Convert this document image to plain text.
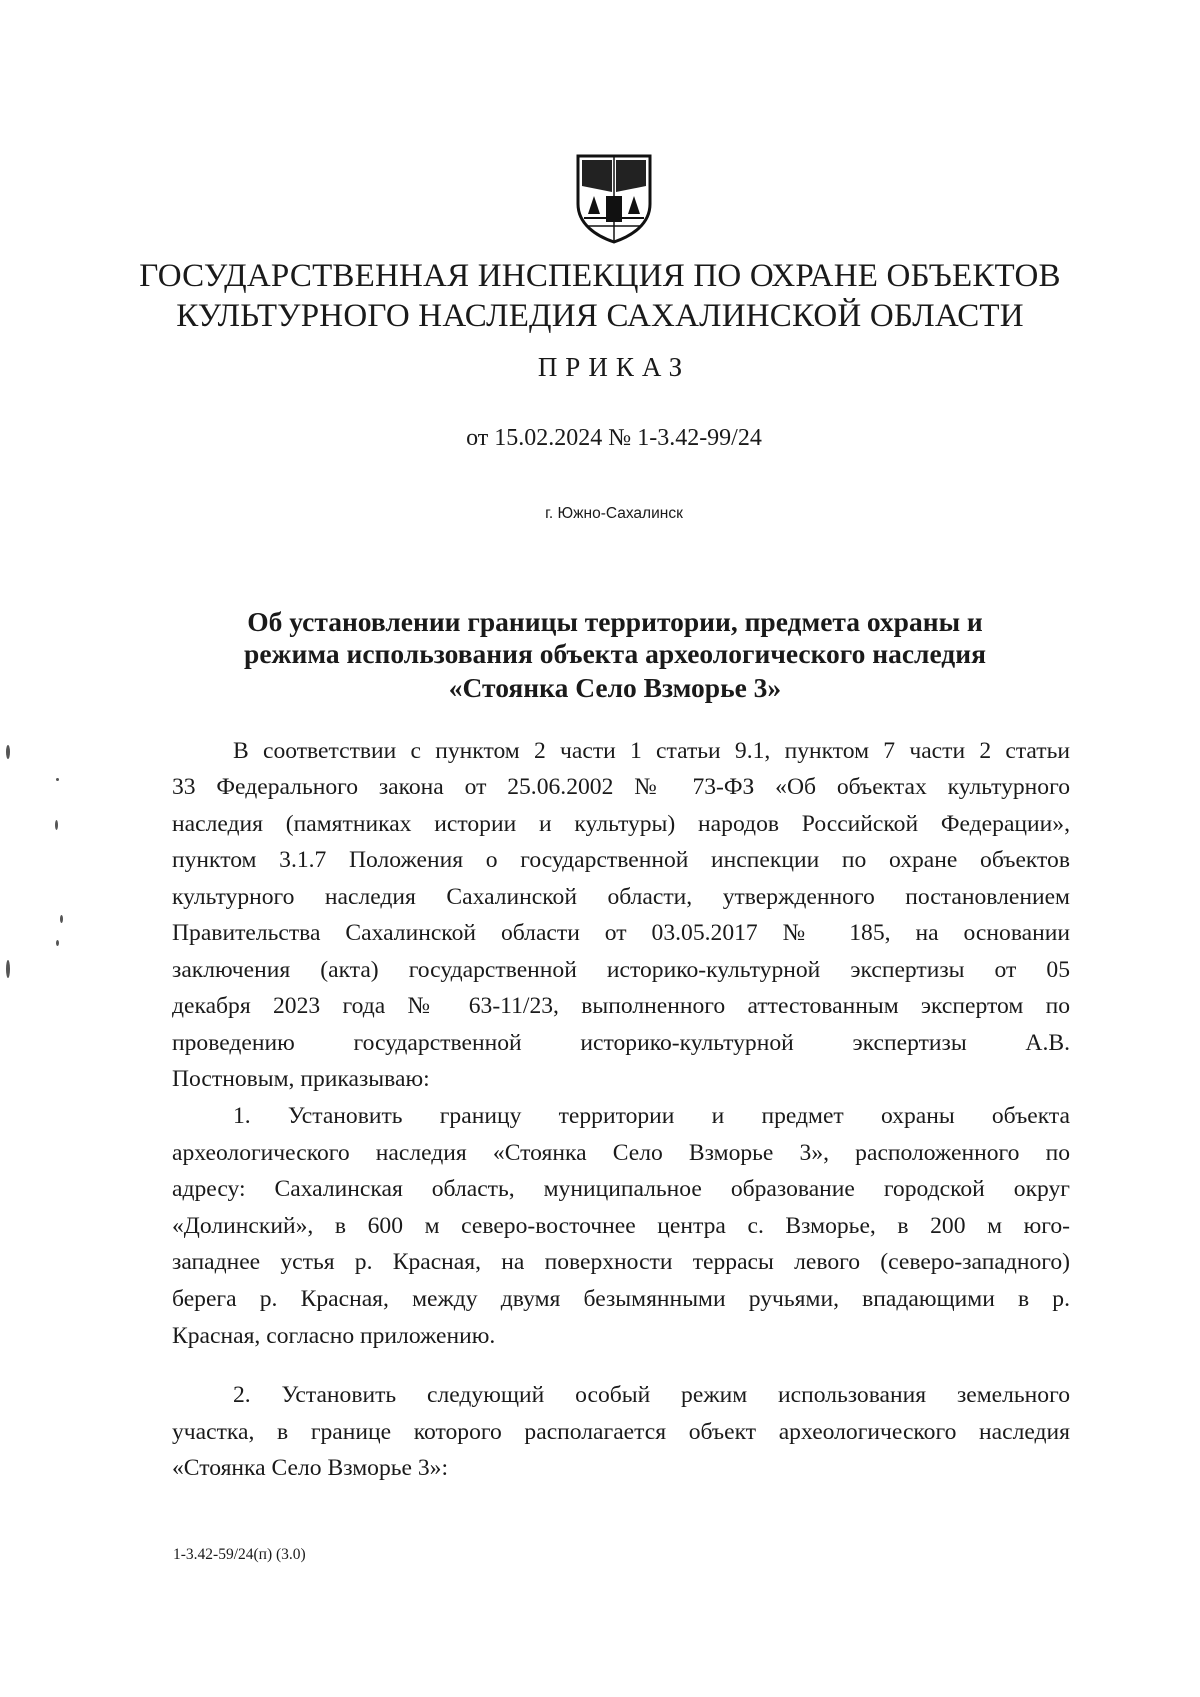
ГОСУДАРСТВЕННАЯ ИНСПЕКЦИЯ ПО ОХРАНЕ ОБЪЕКТОВ
КУЛЬТУРНОГО НАСЛЕДИЯ САХАЛИНСКОЙ ОБЛАСТИ
ПРИКАЗ
от 15.02.2024 № 1-3.42-99/24
г. Южно-Сахалинск
Об установлении границы территории, предмета охраны и
режима использования объекта археологического наследия
«Стоянка Село Взморье 3»
В соответствии с пунктом 2 части 1 статьи 9.1, пунктом 7 части 2 статьи
33 Федерального закона от 25.06.2002 № 73-ФЗ «Об объектах культурного
наследия (памятниках истории и культуры) народов Российской Федерации»,
пунктом 3.1.7 Положения о государственной инспекции по охране объектов
культурного наследия Сахалинской области, утвержденного постановлением
Правительства Сахалинской области от 03.05.2017 № 185, на основании
заключения (акта) государственной историко-культурной экспертизы от 05
декабря 2023 года № 63-11/23, выполненного аттестованным экспертом по
проведению государственной историко-культурной экспертизы А.В.
Постновым, приказываю:
1. Установить границу территории и предмет охраны объекта
археологического наследия «Стоянка Село Взморье 3», расположенного по
адресу: Сахалинская область, муниципальное образование городской округ
«Долинский», в 600 м северо-восточнее центра с. Взморье, в 200 м юго-
западнее устья р. Красная, на поверхности террасы левого (северо-западного)
берега р. Красная, между двумя безымянными ручьями, впадающими в р.
Красная, согласно приложению.
2. Установить следующий особый режим использования земельного
участка, в границе которого располагается объект археологического наследия
«Стоянка Село Взморье 3»:
1-3.42-59/24(п) (3.0)
